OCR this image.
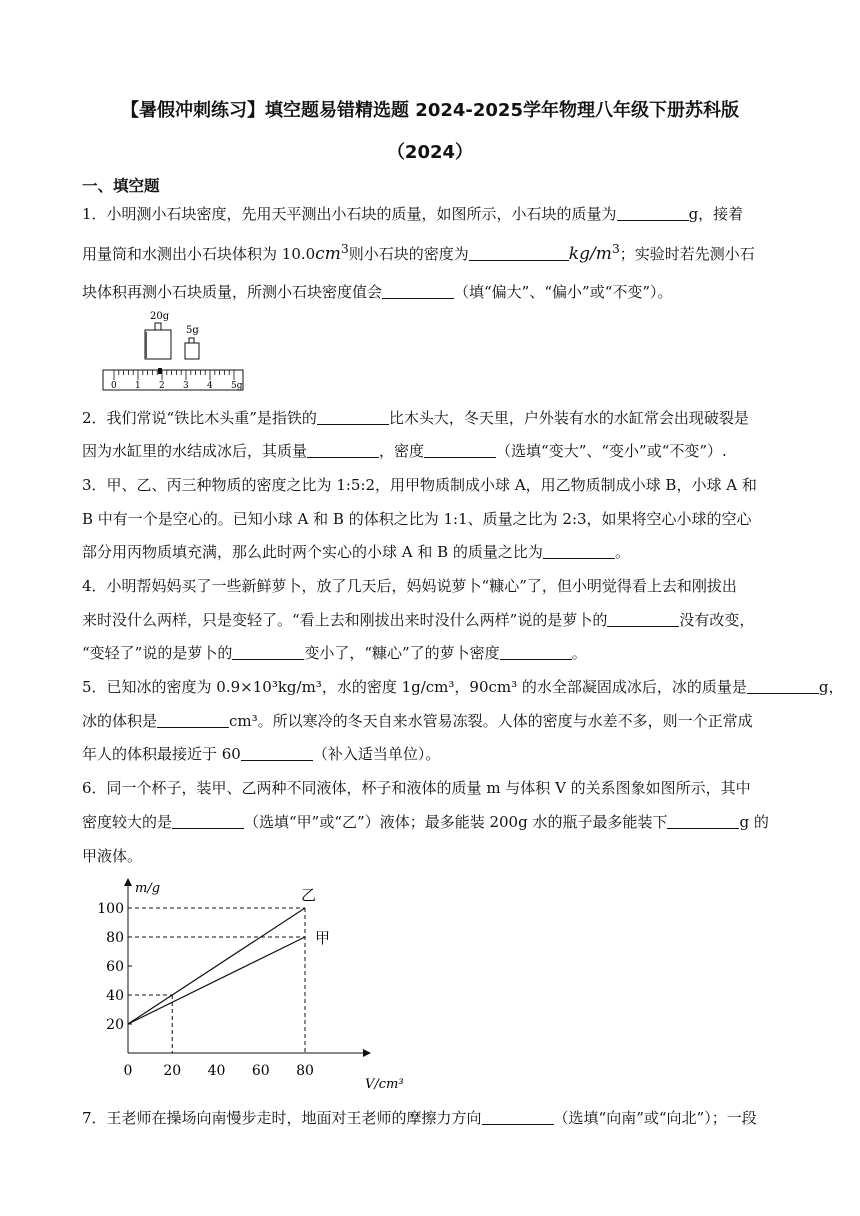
【暑假冲刺练习】填空题易错精选题 2024-2025学年物理八年级下册苏科版
（2024）
一、填空题
1．小明测小石块密度，先用天平测出小石块的质量，如图所示，小石块的质量为	g，接着
用量筒和水测出小石块体积为 $10.0cm^3$则小石块的密度为	$kg/m^3$；实验时若先测小石
块体积再测小石块质量，所测小石块密度值会	（填“偏大”、“偏小”或“不变”）。
20g
5g
0 1 2 3 4 5g
2．我们常说“铁比木头重”是指铁的	比木头大，冬天里，户外装有水的水缸常会出现破裂是
因为水缸里的水结成冰后，其质量	，密度	（选填“变大”、“变小”或“不变”）.
3．甲、乙、丙三种物质的密度之比为 1:5:2，用甲物质制成小球 A，用乙物质制成小球 B，小球 A 和
B 中有一个是空心的。已知小球 A 和 B 的体积之比为 1:1、质量之比为 2:3，如果将空心小球的空心
部分用丙物质填充满，那么此时两个实心的小球 A 和 B 的质量之比为	。
4．小明帮妈妈买了一些新鲜萝卜，放了几天后，妈妈说萝卜“糠心”了，但小明觉得看上去和刚拔出
来时没什么两样，只是变轻了。“看上去和刚拔出来时没什么两样”说的是萝卜的	没有改变，
“变轻了”说的是萝卜的	变小了，“糠心”了的萝卜密度	。
5．已知冰的密度为 0.9×10³kg/m³，水的密度 1g/cm³，90cm³ 的水全部凝固成冰后，冰的质量是	g，
冰的体积是	cm³。所以寒冷的冬天自来水管易冻裂。人体的密度与水差不多，则一个正常成
年人的体积最接近于 60	（补入适当单位）。
6．同一个杯子，装甲、乙两种不同液体，杯子和液体的质量 m 与体积 V 的关系图象如图所示，其中
密度较大的是	（选填“甲”或“乙”）液体；最多能装 200g 水的瓶子最多能装下	g 的
甲液体。
m/g
V/cm³
0 20 40 60 80
20
40
60
80
100
乙
甲
7．王老师在操场向南慢步走时，地面对王老师的摩擦力方向	（选填“向南”或“向北”）；一段
